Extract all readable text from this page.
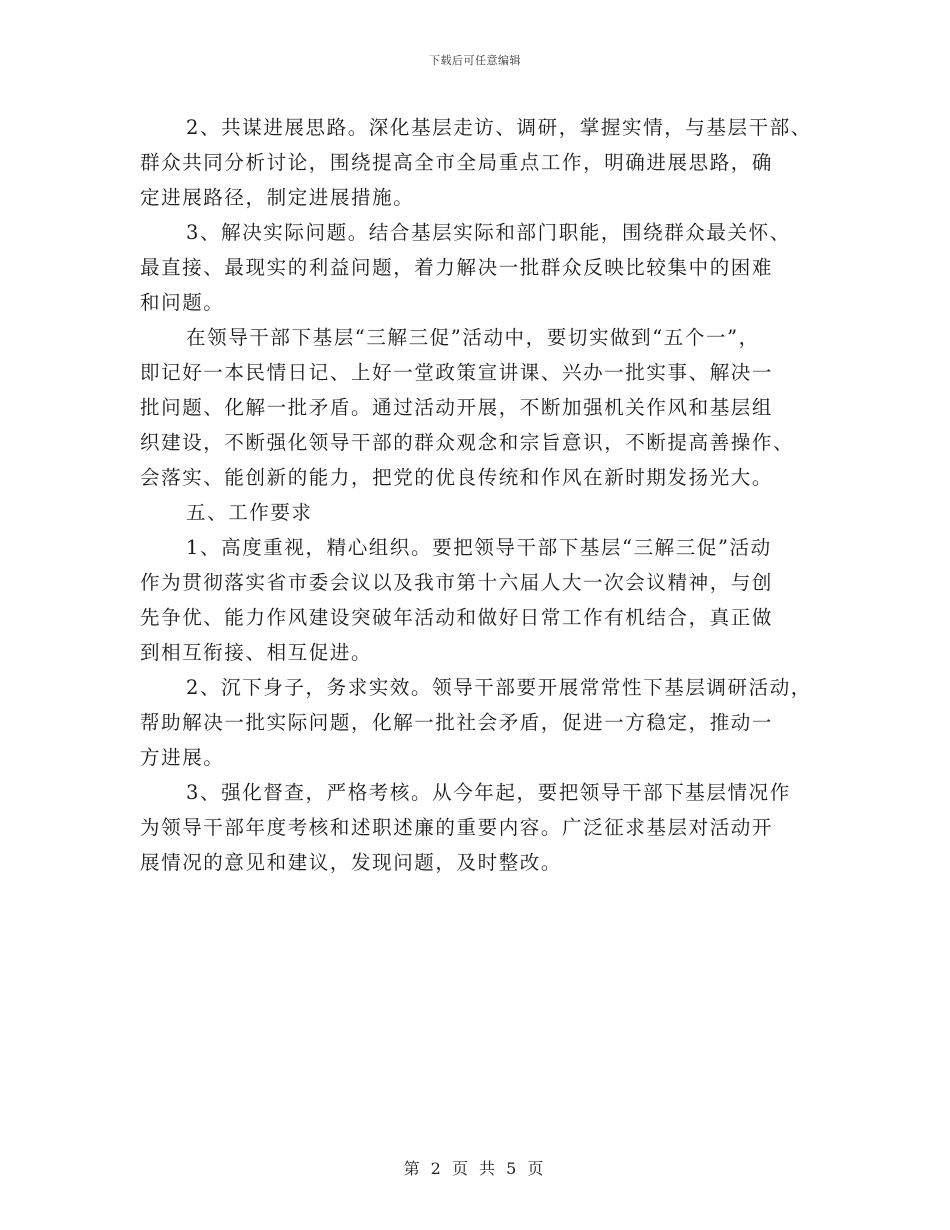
下载后可任意编辑

2、共谋进展思路。深化基层走访、调研，掌握实情，与基层干部、
群众共同分析讨论，围绕提高全市全局重点工作，明确进展思路，确
定进展路径，制定进展措施。

3、解决实际问题。结合基层实际和部门职能，围绕群众最关怀、
最直接、最现实的利益问题，着力解决一批群众反映比较集中的困难
和问题。

在领导干部下基层“三解三促”活动中，要切实做到“五个一”，
即记好一本民情日记、上好一堂政策宣讲课、兴办一批实事、解决一
批问题、化解一批矛盾。通过活动开展，不断加强机关作风和基层组
织建设，不断强化领导干部的群众观念和宗旨意识，不断提高善操作、
会落实、能创新的能力，把党的优良传统和作风在新时期发扬光大。

五、工作要求

1、高度重视，精心组织。要把领导干部下基层“三解三促”活动
作为贯彻落实省市委会议以及我市第十六届人大一次会议精神，与创
先争优、能力作风建设突破年活动和做好日常工作有机结合，真正做
到相互衔接、相互促进。

2、沉下身子，务求实效。领导干部要开展常常性下基层调研活动，
帮助解决一批实际问题，化解一批社会矛盾，促进一方稳定，推动一
方进展。

3、强化督查，严格考核。从今年起，要把领导干部下基层情况作
为领导干部年度考核和述职述廉的重要内容。广泛征求基层对活动开
展情况的意见和建议，发现问题，及时整改。

第 2 页 共 5 页
